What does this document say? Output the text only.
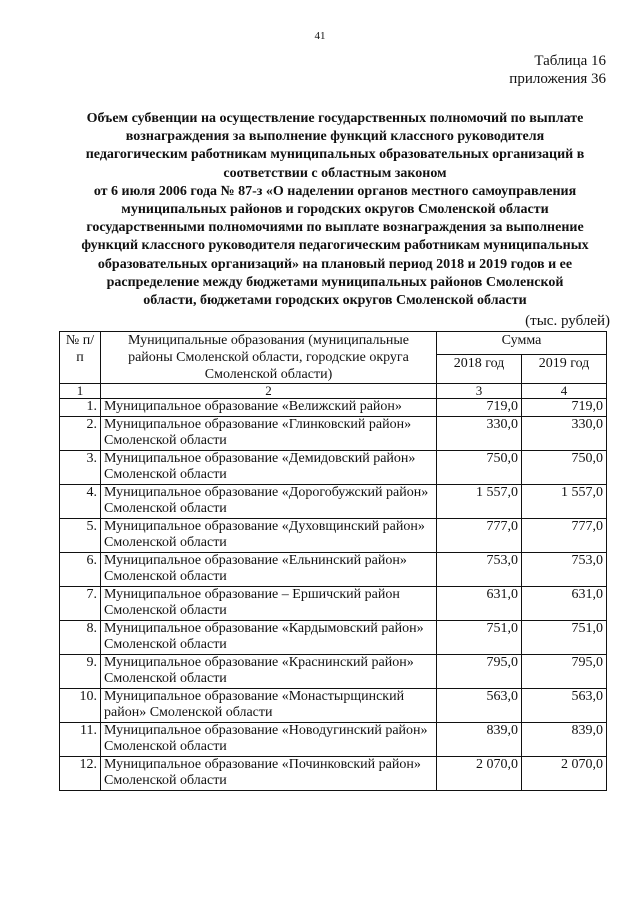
41
Таблица 16
приложения 36
Объем субвенции на осуществление государственных полномочий по выплате
вознаграждения за выполнение функций классного руководителя
педагогическим работникам муниципальных образовательных организаций в
соответствии с областным законом
от 6 июля 2006 года № 87-з «О наделении органов местного самоуправления
муниципальных районов и городских округов Смоленской области
государственными полномочиями по выплате вознаграждения за выполнение
функций классного руководителя педагогическим работникам муниципальных
образовательных организаций» на плановый период 2018 и 2019 годов и ее
распределение между бюджетами муниципальных районов Смоленской
области, бюджетами городских округов Смоленской области
(тыс. рублей)
№ п/п	Муниципальные образования (муниципальные районы Смоленской области, городские округа Смоленской области)	Сумма	
		2018 год	2019 год
1	2	3	4
1.	Муниципальное образование «Велижский район»	719,0	719,0
2.	Муниципальное образование «Глинковский район» Смоленской области	330,0	330,0
3.	Муниципальное образование «Демидовский район» Смоленской области	750,0	750,0
4.	Муниципальное образование «Дорогобужский район» Смоленской области	1 557,0	1 557,0
5.	Муниципальное образование «Духовщинский район» Смоленской области	777,0	777,0
6.	Муниципальное образование «Ельнинский район» Смоленской области	753,0	753,0
7.	Муниципальное образование – Ершичский район Смоленской области	631,0	631,0
8.	Муниципальное образование «Кардымовский район» Смоленской области	751,0	751,0
9.	Муниципальное образование «Краснинский район» Смоленской области	795,0	795,0
10.	Муниципальное образование «Монастырщинский район» Смоленской области	563,0	563,0
11.	Муниципальное образование «Новодугинский район» Смоленской области	839,0	839,0
12.	Муниципальное образование «Починковский район» Смоленской области	2 070,0	2 070,0
